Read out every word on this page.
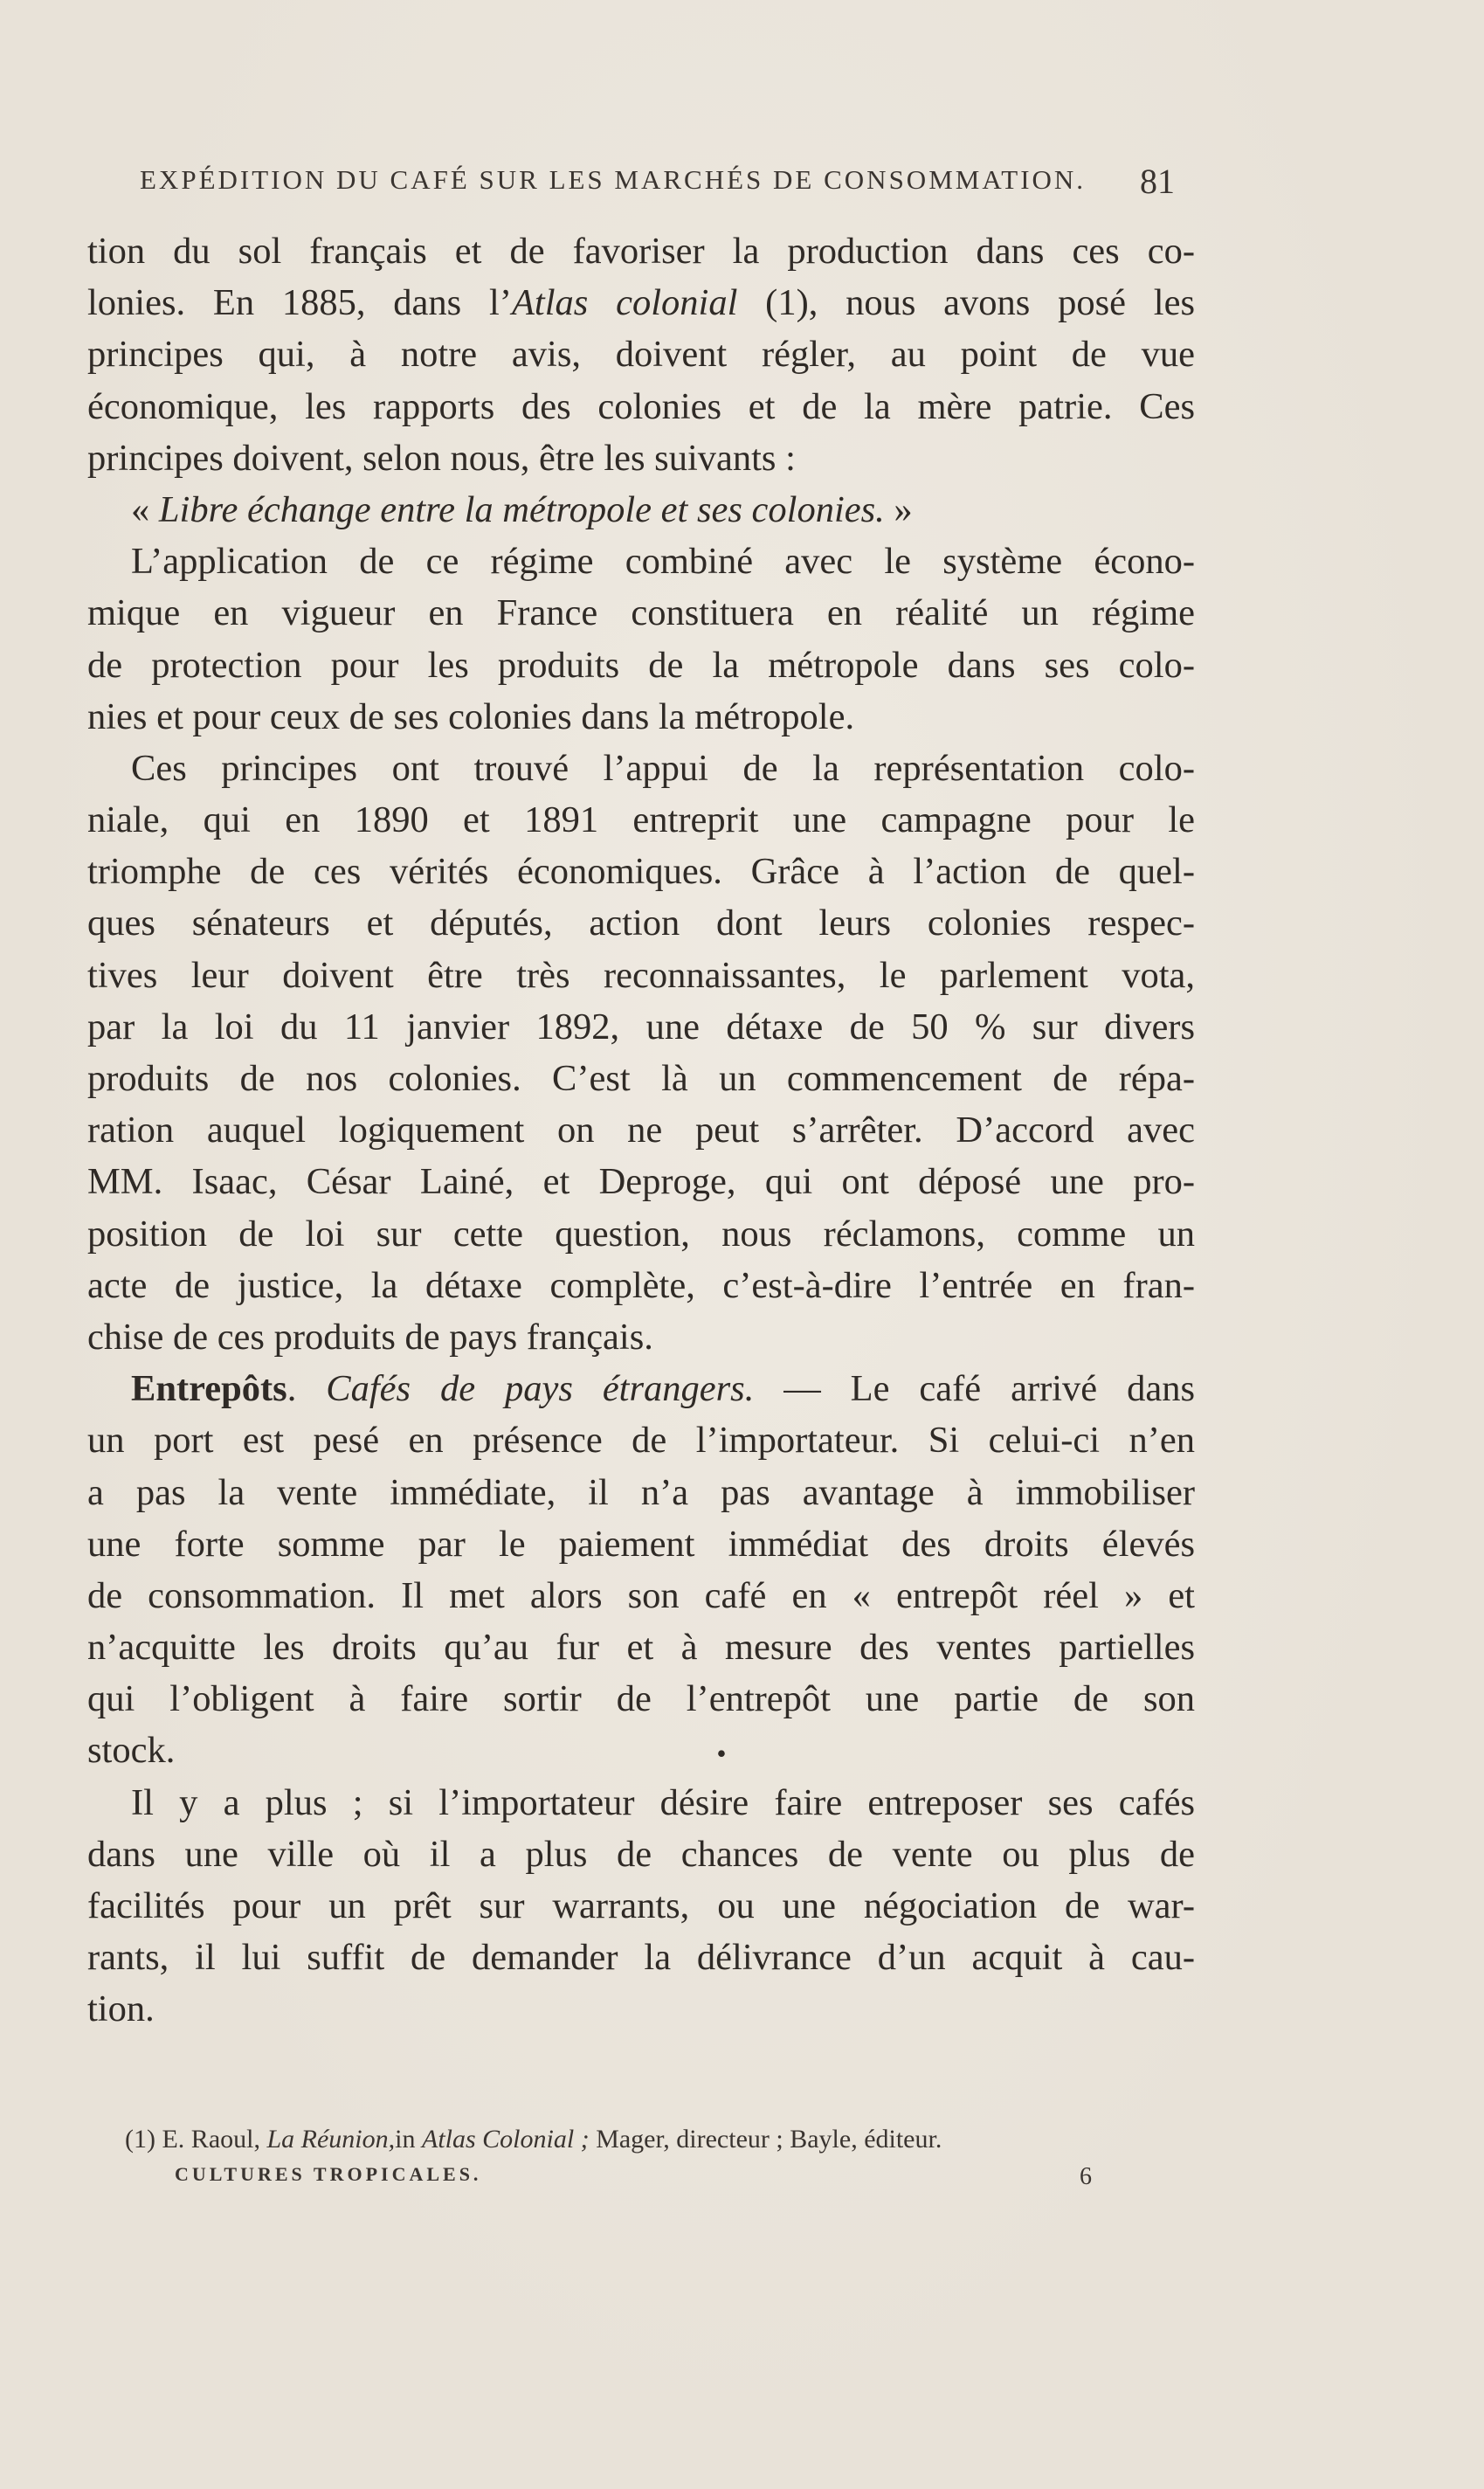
EXPÉDITION DU CAFÉ SUR LES MARCHÉS DE CONSOMMATION. 81
tion du sol français et de favoriser la production dans ces co-
lonies. En 1885, dans l’Atlas colonial (1), nous avons posé les
principes qui, à notre avis, doivent régler, au point de vue
économique, les rapports des colonies et de la mère patrie. Ces
principes doivent, selon nous, être les suivants :
« Libre échange entre la métropole et ses colonies. »
L’application de ce régime combiné avec le système écono-
mique en vigueur en France constituera en réalité un régime
de protection pour les produits de la métropole dans ses colo-
nies et pour ceux de ses colonies dans la métropole.
Ces principes ont trouvé l’appui de la représentation colo-
niale, qui en 1890 et 1891 entreprit une campagne pour le
triomphe de ces vérités économiques. Grâce à l’action de quel-
ques sénateurs et députés, action dont leurs colonies respec-
tives leur doivent être très reconnaissantes, le parlement vota,
par la loi du 11 janvier 1892, une détaxe de 50 % sur divers
produits de nos colonies. C’est là un commencement de répa-
ration auquel logiquement on ne peut s’arrêter. D’accord avec
MM. Isaac, César Lainé, et Deproge, qui ont déposé une pro-
position de loi sur cette question, nous réclamons, comme un
acte de justice, la détaxe complète, c’est-à-dire l’entrée en fran-
chise de ces produits de pays français.
Entrepôts. Cafés de pays étrangers. — Le café arrivé dans
un port est pesé en présence de l’importateur. Si celui-ci n’en
a pas la vente immédiate, il n’a pas avantage à immobiliser
une forte somme par le paiement immédiat des droits élevés
de consommation. Il met alors son café en « entrepôt réel » et
n’acquitte les droits qu’au fur et à mesure des ventes partielles
qui l’obligent à faire sortir de l’entrepôt une partie de son
stock.	•
Il y a plus ; si l’importateur désire faire entreposer ses cafés
dans une ville où il a plus de chances de vente ou plus de
facilités pour un prêt sur warrants, ou une négociation de war-
rants, il lui suffit de demander la délivrance d’un acquit à cau-
tion.
(1) E. Raoul, La Réunion,in Atlas Colonial ; Mager, directeur ; Bayle, éditeur.
CULTURES TROPICALES.	6
